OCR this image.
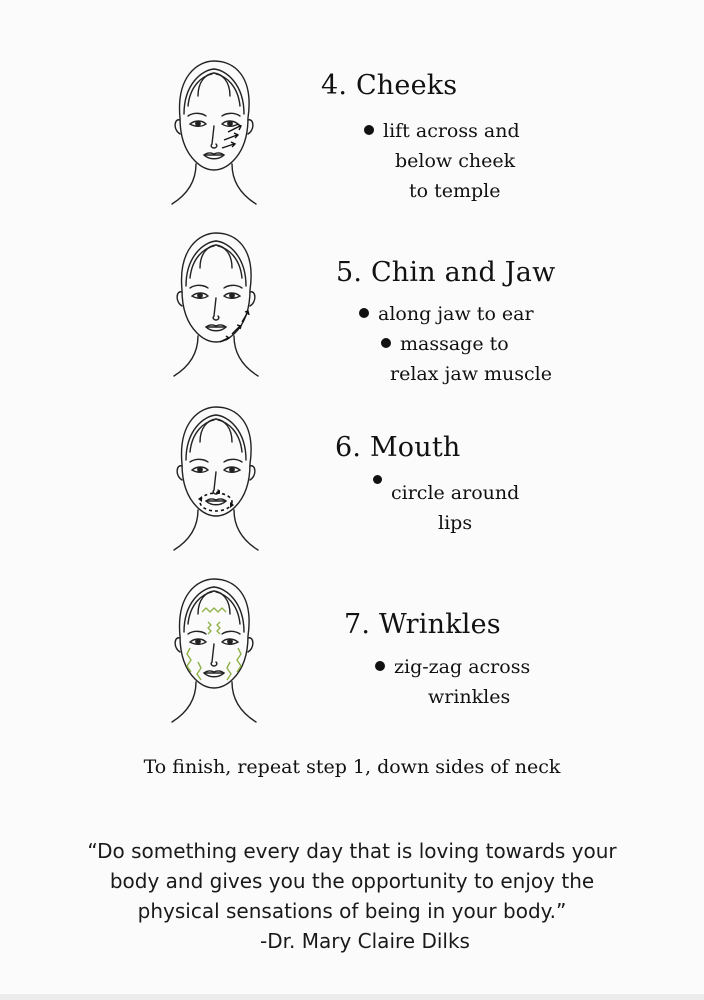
4. Cheeks
lift across and
below cheek
to temple
5. Chin and Jaw
along jaw to ear
massage to
relax jaw muscle
6. Mouth
circle around
lips
7. Wrinkles
zig-zag across
wrinkles
To finish, repeat step 1, down sides of neck
“Do something every day that is loving towards your
body and gives you the opportunity to enjoy the
physical sensations of being in your body.”
-Dr. Mary Claire Dilks
